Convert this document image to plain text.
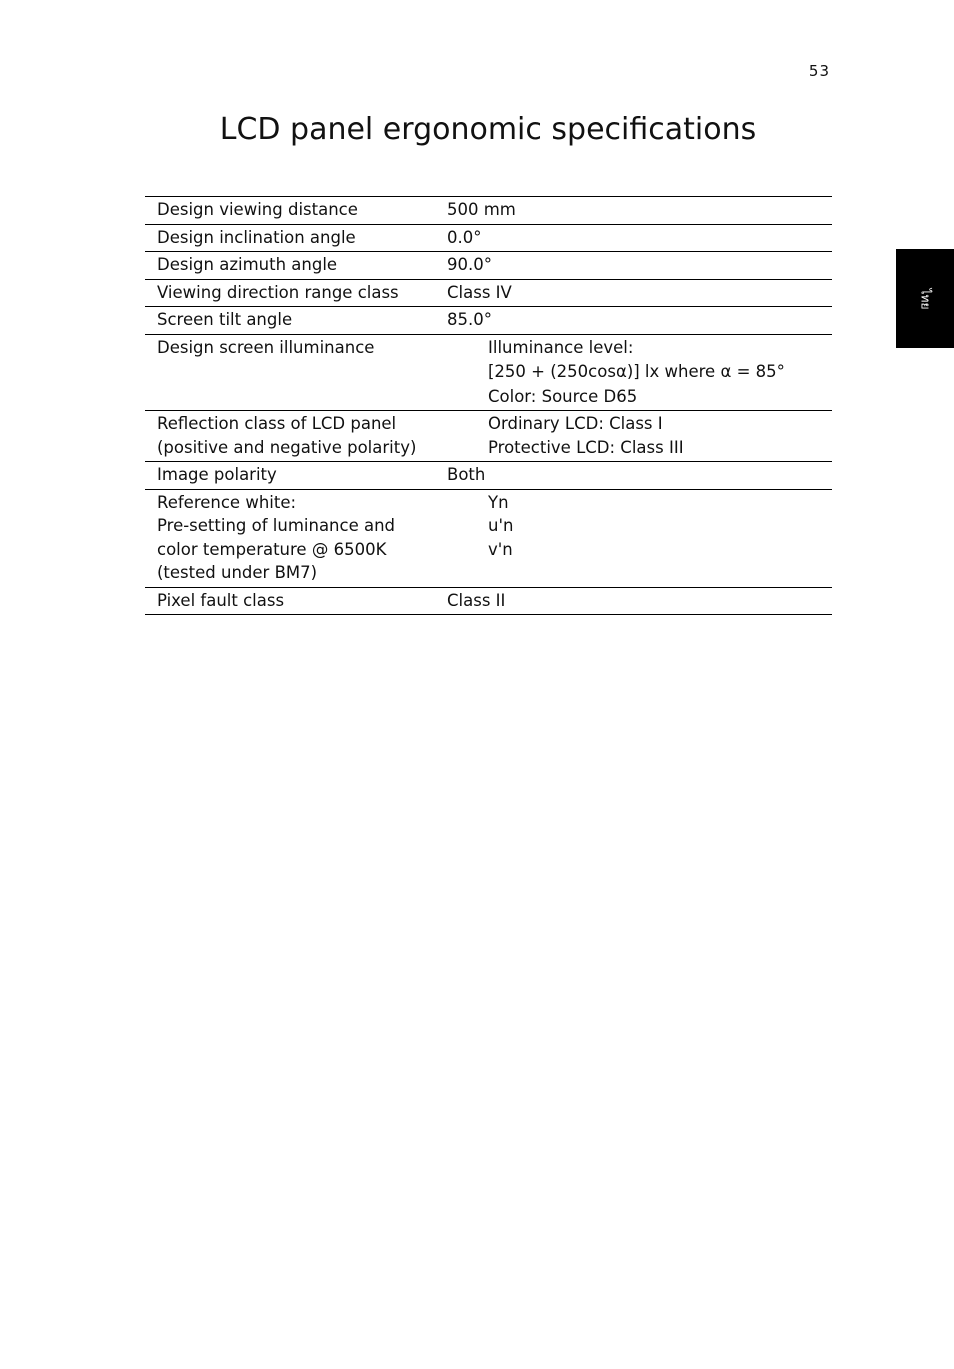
53
LCD panel ergonomic specifications
ไทย
Design viewing distance	500 mm

Design inclination angle	0.0°

Design azimuth angle	90.0°

Viewing direction range class	Class IV

Screen tilt angle	85.0°

Design screen illuminance	Illuminance level:
[250 + (250cosα)] lx where α = 85°
Color: Source D65

Reflection class of LCD panel
(positive and negative polarity)	Ordinary LCD: Class I
Protective LCD: Class III

Image polarity	Both

Reference white:
Pre-setting of luminance and
color temperature @ 6500K
(tested under BM7)	Yn
u'n
v'n

Pixel fault class	Class II
